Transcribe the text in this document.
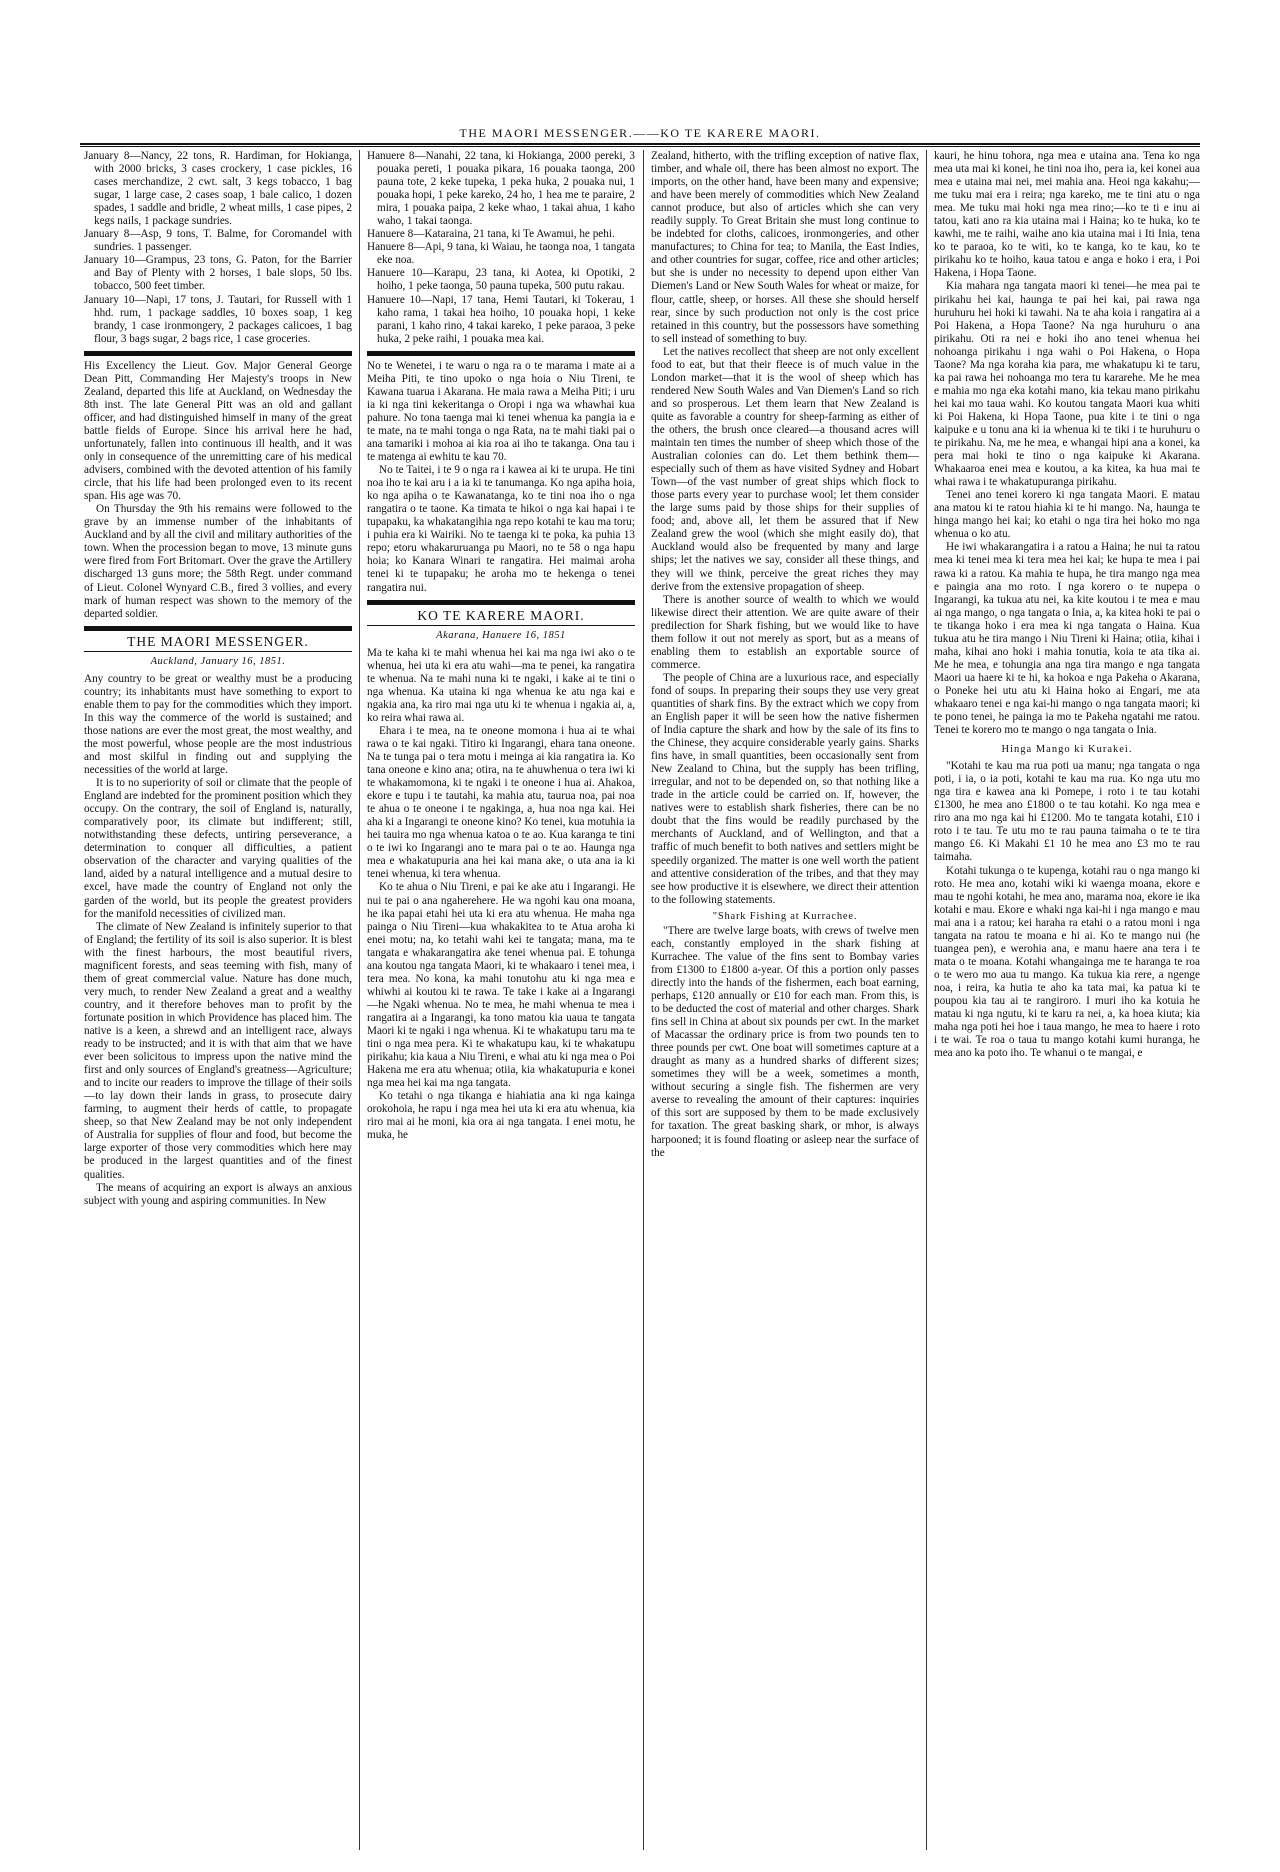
THE MAORI MESSENGER.——KO TE KARERE MAORI.

January 8—Nancy, 22 tons, R. Hardiman, for Hokianga, with 2000 bricks, 3 cases crockery, 1 case pickles, 16 cases merchandize, 2 cwt. salt, 3 kegs tobacco, 1 bag sugar, 1 large case, 2 cases soap, 1 bale calico, 1 dozen spades, 1 saddle and bridle, 2 wheat mills, 1 case pipes, 2 kegs nails, 1 package sundries.

January 8—Asp, 9 tons, T. Balme, for Coromandel with sundries. 1 passenger.

January 10—Grampus, 23 tons, G. Paton, for the Barrier and Bay of Plenty with 2 horses, 1 bale slops, 50 lbs. tobacco, 500 feet timber.

January 10—Napi, 17 tons, J. Tautari, for Russell with 1 hhd. rum, 1 package saddles, 10 boxes soap, 1 keg brandy, 1 case ironmongery, 2 packages calicoes, 1 bag flour, 3 bags sugar, 2 bags rice, 1 case groceries.

His Excellency the Lieut. Gov. Major General George Dean Pitt, Commanding Her Majesty's troops in New Zealand, departed this life at Auckland, on Wednesday the 8th inst. The late General Pitt was an old and gallant officer, and had distinguished himself in many of the great battle fields of Europe. Since his arrival here he had, unfortunately, fallen into continuous ill health, and it was only in consequence of the unremitting care of his medical advisers, combined with the devoted attention of his family circle, that his life had been prolonged even to its recent span. His age was 70.

On Thursday the 9th his remains were followed to the grave by an immense number of the inhabitants of Auckland and by all the civil and military authorities of the town. When the procession began to move, 13 minute guns were fired from Fort Britomart. Over the grave the Artillery discharged 13 guns more; the 58th Regt. under command of Lieut. Colonel Wynyard C.B., fired 3 vollies, and every mark of human respect was shown to the memory of the departed soldier.

THE MAORI MESSENGER.
Auckland, January 16, 1851.

Any country to be great or wealthy must be a producing country; its inhabitants must have something to export to enable them to pay for the commodities which they import. In this way the commerce of the world is sustained; and those nations are ever the most great, the most wealthy, and the most powerful, whose people are the most industrious and most skilful in finding out and supplying the necessities of the world at large.

It is to no superiority of soil or climate that the people of England are indebted for the prominent position which they occupy. On the contrary, the soil of England is, naturally, comparatively poor, its climate but indifferent; still, notwithstanding these defects, untiring perseverance, a determination to conquer all difficulties, a patient observation of the character and varying qualities of the land, aided by a natural intelligence and a mutual desire to excel, have made the country of England not only the garden of the world, but its people the greatest providers for the manifold necessities of civilized man.

The climate of New Zealand is infinitely superior to that of England; the fertility of its soil is also superior. It is blest with the finest harbours, the most beautiful rivers, magnificent forests, and seas teeming with fish, many of them of great commercial value. Nature has done much, very much, to render New Zealand a great and a wealthy country, and it therefore behoves man to profit by the fortunate position in which Providence has placed him. The native is a keen, a shrewd and an intelligent race, always ready to be instructed; and it is with that aim that we have ever been solicitous to impress upon the native mind the first and only sources of England's greatness—Agriculture; and to incite our readers to improve the tillage of their soils—to lay down their lands in grass, to prosecute dairy farming, to augment their herds of cattle, to propagate sheep, so that New Zealand may be not only independent of Australia for supplies of flour and food, but become the large exporter of those very commodities which here may be produced in the largest quantities and of the finest qualities.

The means of acquiring an export is always an anxious subject with young and aspiring communities. In New

Hanuere 8—Nanahi, 22 tana, ki Hokianga, 2000 pereki, 3 pouaka pereti, 1 pouaka pikara, 16 pouaka taonga, 200 pauna tote, 2 keke tupeka, 1 peka huka, 2 pouaka nui, 1 pouaka hopi, 1 peke kareko, 24 ho, 1 hea me te paraire, 2 mira, 1 pouaka paipa, 2 keke whao, 1 takai ahua, 1 kaho waho, 1 takai taonga.

Hanuere 8—Kataraina, 21 tana, ki Te Awamui, he pehi.

Hanuere 8—Api, 9 tana, ki Waiau, he taonga noa, 1 tangata eke noa.

Hanuere 10—Karapu, 23 tana, ki Aotea, ki Opotiki, 2 hoiho, 1 peke taonga, 50 pauna tupeka, 500 putu rakau.

Hanuere 10—Napi, 17 tana, Hemi Tautari, ki Tokerau, 1 kaho rama, 1 takai hea hoiho, 10 pouaka hopi, 1 keke parani, 1 kaho rino, 4 takai kareko, 1 peke paraoa, 3 peke huka, 2 peke raihi, 1 pouaka mea kai.

No te Wenetei, i te waru o nga ra o te marama i mate ai a Meiha Piti, te tino upoko o nga hoia o Niu Tireni, te Kawana tuarua i Akarana. He maia rawa a Meiha Piti; i uru ia ki nga tini kekeritanga o Oropi i nga wa whawhai kua pahure. No tona taenga mai ki tenei whenua ka pangia ia e te mate, na te mahi tonga o nga Rata, na te mahi tiaki pai o ana tamariki i mohoa ai kia roa ai iho te takanga. Ona tau i te matenga ai ewhitu te kau 70.

No te Taitei, i te 9 o nga ra i kawea ai ki te urupa. He tini noa iho te kai aru i a ia ki te tanumanga. Ko nga apiha hoia, ko nga apiha o te Kawanatanga, ko te tini noa iho o nga rangatira o te taone. Ka timata te hikoi o nga kai hapai i te tupapaku, ka whakatangihia nga repo kotahi te kau ma toru; i puhia era ki Wairiki. No te taenga ki te poka, ka puhia 13 repo; etoru whakaruruanga pu Maori, no te 58 o nga hapu hoia; ko Kanara Winari te rangatira. Hei maimai aroha tenei ki te tupapaku; he aroha mo te hekenga o tenei rangatira nui.

KO TE KARERE MAORI.
Akarana, Hanuere 16, 1851

Ma te kaha ki te mahi whenua hei kai ma nga iwi ako o te whenua, hei uta ki era atu wahi—ma te penei, ka rangatira te whenua. Na te mahi nuna ki te ngaki, i kake ai te tini o nga whenua. Ka utaina ki nga whenua ke atu nga kai e ngakia ana, ka riro mai nga utu ki te whenua i ngakia ai, a, ko reira whai rawa ai.

Ehara i te mea, na te oneone momona i hua ai te whai rawa o te kai ngaki. Titiro ki Ingarangi, ehara tana oneone. Na te tunga pai o tera motu i meinga ai kia rangatira ia. Ko tana oneone e kino ana; otira, na te ahuwhenua o tera iwi ki te whakamomona, ki te ngaki i te oneone i hua ai. Ahakoa, ekore e tupu i te tautahi, ka mahia atu, taurua noa, pai noa te ahua o te oneone i te ngakinga, a, hua noa nga kai. Hei aha ki a Ingarangi te oneone kino? Ko tenei, kua motuhia ia hei tauira mo nga whenua katoa o te ao. Kua karanga te tini o te iwi ko Ingarangi ano te mara pai o te ao. Haunga nga mea e whakatupuria ana hei kai mana ake, o uta ana ia ki tenei whenua, ki tera whenua.

Ko te ahua o Niu Tireni, e pai ke ake atu i Ingarangi. He nui te pai o ana ngaherehere. He wa ngohi kau ona moana, he ika papai etahi hei uta ki era atu whenua. He maha nga painga o Niu Tireni—kua whakakitea to te Atua aroha ki enei motu; na, ko tetahi wahi kei te tangata; mana, ma te tangata e whakarangatira ake tenei whenua pai. E tohunga ana koutou nga tangata Maori, ki te whakaaro i tenei mea, i tera mea. No kona, ka mahi tonutohu atu ki nga mea e whiwhi ai koutou ki te rawa. Te take i kake ai a Ingarangi—he Ngaki whenua. No te mea, he mahi whenua te mea i rangatira ai a Ingarangi, ka tono matou kia uaua te tangata Maori ki te ngaki i nga whenua. Ki te whakatupu taru ma te tini o nga mea pera. Ki te whakatupu kau, ki te whakatupu pirikahu; kia kaua a Niu Tireni, e whai atu ki nga mea o Poi Hakena me era atu whenua; otiia, kia whakatupuria e konei nga mea hei kai ma nga tangata.

Ko tetahi o nga tikanga e hiahiatia ana ki nga kainga orokohoia, he rapu i nga mea hei uta ki era atu whenua, kia riro mai ai he moni, kia ora ai nga tangata. I enei motu, he muka, he

Zealand, hitherto, with the trifling exception of native flax, timber, and whale oil, there has been almost no export. The imports, on the other hand, have been many and expensive; and have been merely of commodities which New Zealand cannot produce, but also of articles which she can very readily supply. To Great Britain she must long continue to be indebted for cloths, calicoes, ironmongeries, and other manufactures; to China for tea; to Manila, the East Indies, and other countries for sugar, coffee, rice and other articles; but she is under no necessity to depend upon either Van Diemen's Land or New South Wales for wheat or maize, for flour, cattle, sheep, or horses. All these she should herself rear, since by such production not only is the cost price retained in this country, but the possessors have something to sell instead of something to buy.

Let the natives recollect that sheep are not only excellent food to eat, but that their fleece is of much value in the London market—that it is the wool of sheep which has rendered New South Wales and Van Diemen's Land so rich and so prosperous. Let them learn that New Zealand is quite as favorable a country for sheep-farming as either of the others, the brush once cleared—a thousand acres will maintain ten times the number of sheep which those of the Australian colonies can do. Let them bethink them—especially such of them as have visited Sydney and Hobart Town—of the vast number of great ships which flock to those parts every year to purchase wool; let them consider the large sums paid by those ships for their supplies of food; and, above all, let them be assured that if New Zealand grew the wool (which she might easily do), that Auckland would also be frequented by many and large ships; let the natives we say, consider all these things, and they will we think, perceive the great riches they may derive from the extensive propagation of sheep.

There is another source of wealth to which we would likewise direct their attention. We are quite aware of their predilection for Shark fishing, but we would like to have them follow it out not merely as sport, but as a means of enabling them to establish an exportable source of commerce.

The people of China are a luxurious race, and especially fond of soups. In preparing their soups they use very great quantities of shark fins. By the extract which we copy from an English paper it will be seen how the native fishermen of India capture the shark and how by the sale of its fins to the Chinese, they acquire considerable yearly gains. Sharks fins have, in small quantities, been occasionally sent from New Zealand to China, but the supply has been trifling, irregular, and not to be depended on, so that nothing like a trade in the article could be carried on. If, however, the natives were to establish shark fisheries, there can be no doubt that the fins would be readily purchased by the merchants of Auckland, and of Wellington, and that a traffic of much benefit to both natives and settlers might be speedily organized. The matter is one well worth the patient and attentive consideration of the tribes, and that they may see how productive it is elsewhere, we direct their attention to the following statements.

"Shark Fishing at Kurrachee.

"There are twelve large boats, with crews of twelve men each, constantly employed in the shark fishing at Kurrachee. The value of the fins sent to Bombay varies from £1300 to £1800 a-year. Of this a portion only passes directly into the hands of the fishermen, each boat earning, perhaps, £120 annually or £10 for each man. From this, is to be deducted the cost of material and other charges. Shark fins sell in China at about six pounds per cwt. In the market of Macassar the ordinary price is from two pounds ten to three pounds per cwt. One boat will sometimes capture at a draught as many as a hundred sharks of different sizes; sometimes they will be a week, sometimes a month, without securing a single fish. The fishermen are very averse to revealing the amount of their captures: inquiries of this sort are supposed by them to be made exclusively for taxation. The great basking shark, or mhor, is always harpooned; it is found floating or asleep near the surface of the

kauri, he hinu tohora, nga mea e utaina ana. Tena ko nga mea uta mai ki konei, he tini noa iho, pera ia, kei konei aua mea e utaina mai nei, mei mahia ana. Heoi nga kakahu;—me tuku mai era i reira; nga kareko, me te tini atu o nga mea. Me tuku mai hoki nga mea rino;—ko te ti e inu ai tatou, kati ano ra kia utaina mai i Haina; ko te huka, ko te kawhi, me te raihi, waihe ano kia utaina mai i Iti Inia, tena ko te paraoa, ko te witi, ko te kanga, ko te kau, ko te pirikahu ko te hoiho, kaua tatou e anga e hoko i era, i Poi Hakena, i Hopa Taone.

Kia mahara nga tangata maori ki tenei—he mea pai te pirikahu hei kai, haunga te pai hei kai, pai rawa nga huruhuru hei hoki ki tawahi. Na te aha koia i rangatira ai a Poi Hakena, a Hopa Taone? Na nga huruhuru o ana pirikahu. Oti ra nei e hoki iho ano tenei whenua hei nohoanga pirikahu i nga wahi o Poi Hakena, o Hopa Taone? Ma nga koraha kia para, me whakatupu ki te taru, ka pai rawa hei nohoanga mo tera tu kararehe. Me he mea e mahia mo nga eka kotahi mano, kia tekau mano pirikahu hei kai mo taua wahi. Ko koutou tangata Maori kua whiti ki Poi Hakena, ki Hopa Taone, pua kite i te tini o nga kaipuke e u tonu ana ki ia whenua ki te tiki i te huruhuru o te pirikahu. Na, me he mea, e whangai hipi ana a konei, ka pera mai hoki te tino o nga kaipuke ki Akarana. Whakaaroa enei mea e koutou, a ka kitea, ka hua mai te whai rawa i te whakatupuranga pirikahu.

Tenei ano tenei korero ki nga tangata Maori. E matau ana matou ki te ratou hiahia ki te hi mango. Na, haunga te hinga mango hei kai; ko etahi o nga tira hei hoko mo nga whenua o ko atu.

He iwi whakarangatira i a ratou a Haina; he nui ta ratou mea ki tenei mea ki tera mea hei kai; ke hupa te mea i pai rawa ki a ratou. Ka mahia te hupa, he tira mango nga mea e paingia ana mo roto. I nga korero o te nupepa o Ingarangi, ka tukua atu nei, ka kite koutou i te mea e mau ai nga mango, o nga tangata o Inia, a, ka kitea hoki te pai o te tikanga hoko i era mea ki nga tangata o Haina. Kua tukua atu he tira mango i Niu Tireni ki Haina; otiia, kihai i maha, kihai ano hoki i mahia tonutia, koia te ata tika ai. Me he mea, e tohungia ana nga tira mango e nga tangata Maori ua haere ki te hi, ka hokoa e nga Pakeha o Akarana, o Poneke hei utu atu ki Haina hoko ai Engari, me ata whakaaro tenei e nga kai-hi mango o nga tangata maori; ki te pono tenei, he painga ia mo te Pakeha ngatahi me ratou. Tenei te korero mo te mango o nga tangata o Inia.

Hinga Mango ki Kurakei.

"Kotahi te kau ma rua poti ua manu; nga tangata o nga poti, i ia, o ia poti, kotahi te kau ma rua. Ko nga utu mo nga tira e kawea ana ki Pomepe, i roto i te tau kotahi £1300, he mea ano £1800 o te tau kotahi. Ko nga mea e riro ana mo nga kai hi £1200. Mo te tangata kotahi, £10 i roto i te tau. Te utu mo te rau pauna taimaha o te te tira mango £6. Ki Makahi £1 10 he mea ano £3 mo te rau taimaha.

Kotahi tukunga o te kupenga, kotahi rau o nga mango ki roto. He mea ano, kotahi wiki ki waenga moana, ekore e mau te ngohi kotahi, he mea ano, marama noa, ekore ie ika kotahi e mau. Ekore e whaki nga kai-hi i nga mango e mau mai ana i a ratou; kei haraha ra etahi o a ratou moni i nga tangata na ratou te moana e hi ai. Ko te mango nui (he tuangea pen), e werohia ana, e manu haere ana tera i te mata o te moana. Kotahi whangainga me te haranga te roa o te wero mo aua tu mango. Ka tukua kia rere, a ngenge noa, i reira, ka hutia te aho ka tata mai, ka patua ki te poupou kia tau ai te rangiroro. I muri iho ka kotuia he matau ki nga ngutu, ki te karu ra nei, a, ka hoea kiuta; kia maha nga poti hei hoe i taua mango, he mea to haere i roto i te wai. Te roa o taua tu mango kotahi kumi huranga, he mea ano ka poto iho. Te whanui o te mangai, e
